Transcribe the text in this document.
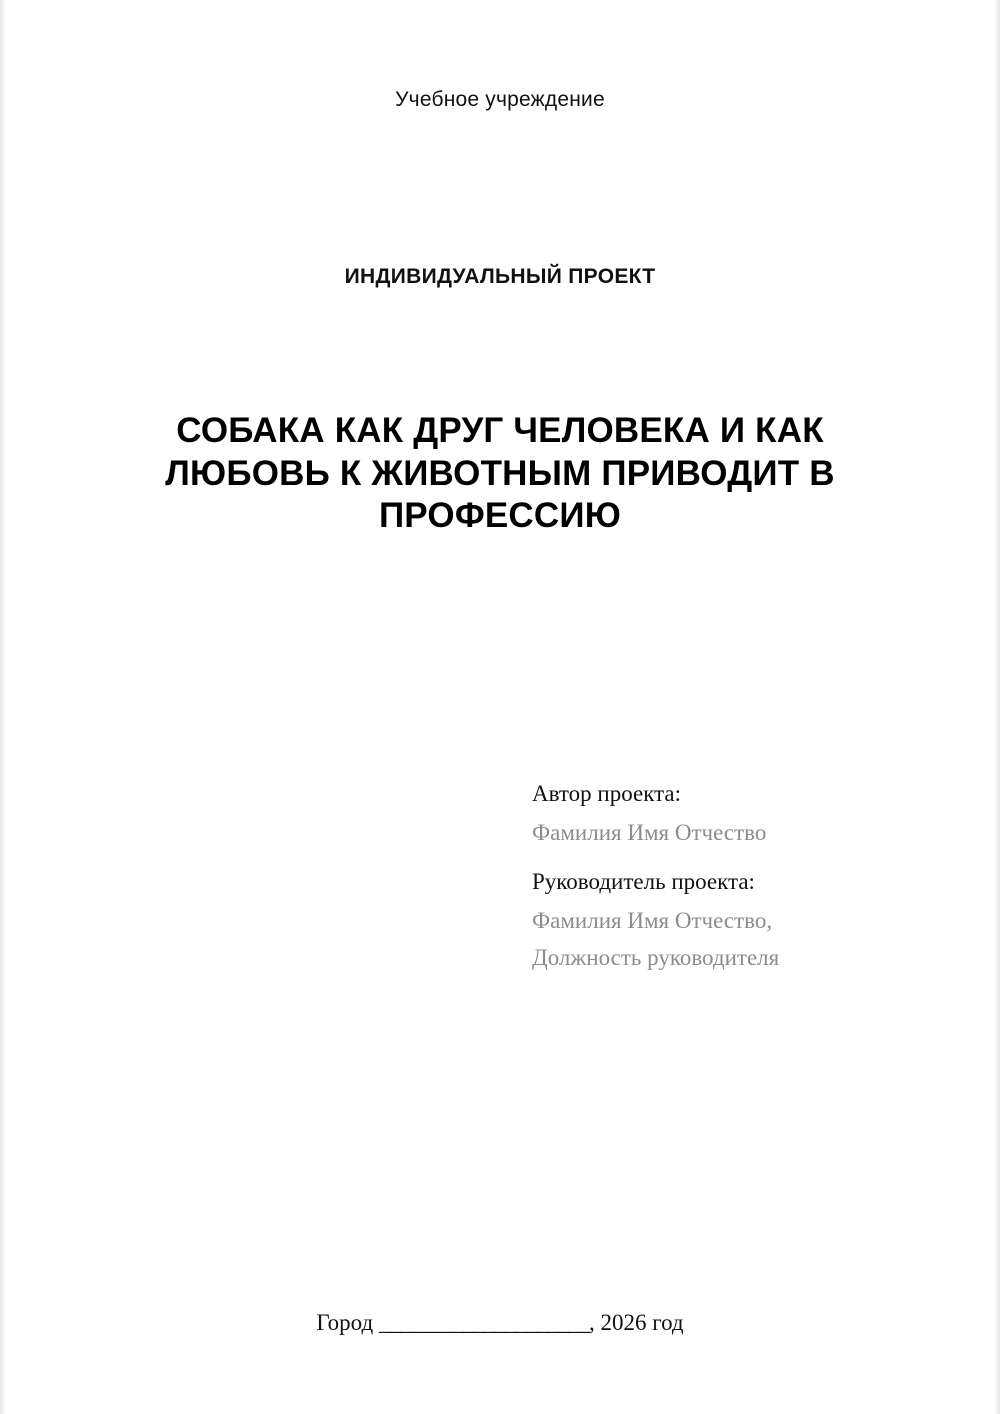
Учебное учреждение
ИНДИВИДУАЛЬНЫЙ ПРОЕКТ
СОБАКА КАК ДРУГ ЧЕЛОВЕКА И КАК ЛЮБОВЬ К ЖИВОТНЫМ ПРИВОДИТ В ПРОФЕССИЮ
Автор проекта:
Фамилия Имя Отчество
Руководитель проекта:
Фамилия Имя Отчество,
Должность руководителя
Город ____________________, 2026 год
